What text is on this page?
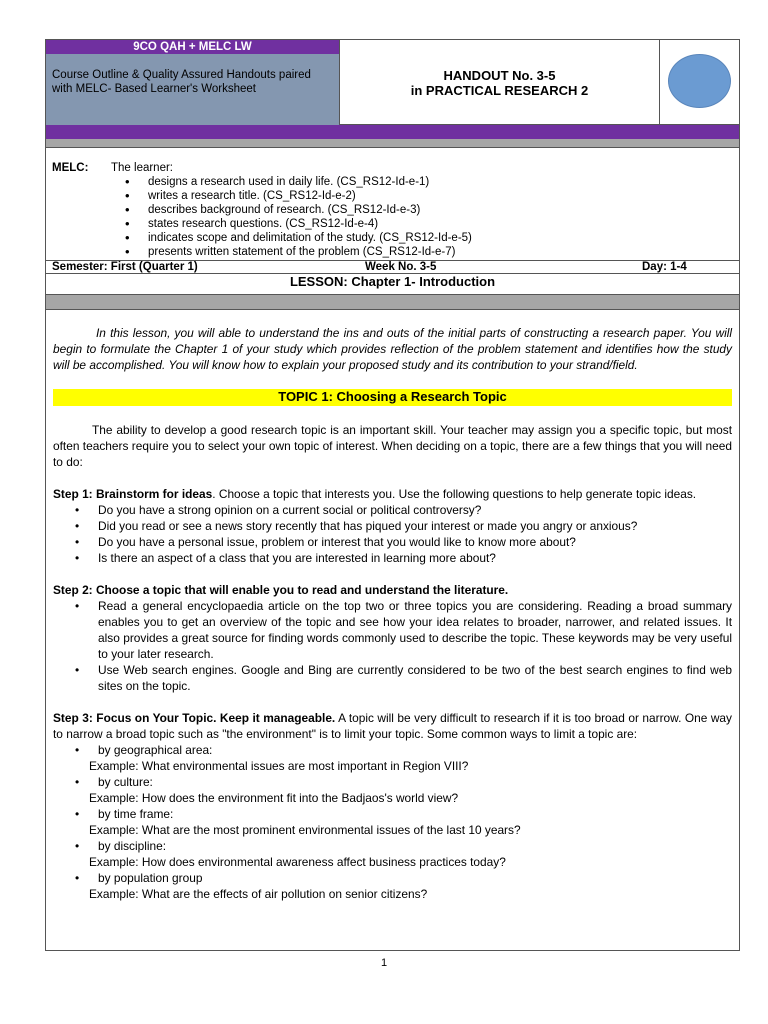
9CO QAH + MELC LW
Course Outline & Quality Assured Handouts paired with MELC- Based Learner's Worksheet
HANDOUT No. 3-5
in PRACTICAL RESEARCH 2
MELC:	The learner:
• designs a research used in daily life. (CS_RS12-Id-e-1)
• writes a research title. (CS_RS12-Id-e-2)
• describes background of research. (CS_RS12-Id-e-3)
• states research questions. (CS_RS12-Id-e-4)
• indicates scope and delimitation of the study. (CS_RS12-Id-e-5)
• presents written statement of the problem (CS_RS12-Id-e-7)
Semester: First (Quarter 1)	Week No. 3-5	Day: 1-4
LESSON: Chapter 1- Introduction

In this lesson, you will able to understand the ins and outs of the initial parts of constructing a research paper. You will begin to formulate the Chapter 1 of your study which provides reflection of the problem statement and identifies how the study will be accomplished. You will know how to explain your proposed study and its contribution to your strand/field.

TOPIC 1: Choosing a Research Topic

The ability to develop a good research topic is an important skill. Your teacher may assign you a specific topic, but most often teachers require you to select your own topic of interest. When deciding on a topic, there are a few things that you will need to do:

Step 1: Brainstorm for ideas. Choose a topic that interests you. Use the following questions to help generate topic ideas.

• Do you have a strong opinion on a current social or political controversy?
• Did you read or see a news story recently that has piqued your interest or made you angry or anxious?
• Do you have a personal issue, problem or interest that you would like to know more about?
• Is there an aspect of a class that you are interested in learning more about?

Step 2: Choose a topic that will enable you to read and understand the literature.

• Read a general encyclopaedia article on the top two or three topics you are considering. Reading a broad summary enables you to get an overview of the topic and see how your idea relates to broader, narrower, and related issues. It also provides a great source for finding words commonly used to describe the topic. These keywords may be very useful to your later research.
• Use Web search engines. Google and Bing are currently considered to be two of the best search engines to find web sites on the topic.

Step 3: Focus on Your Topic. Keep it manageable. A topic will be very difficult to research if it is too broad or narrow. One way to narrow a broad topic such as "the environment" is to limit your topic. Some common ways to limit a topic are:

• by geographical area:
Example: What environmental issues are most important in Region VIII?
• by culture:
Example: How does the environment fit into the Badjaos's world view?
• by time frame:
Example: What are the most prominent environmental issues of the last 10 years?
• by discipline:
Example: How does environmental awareness affect business practices today?
• by population group
Example: What are the effects of air pollution on senior citizens?
1
